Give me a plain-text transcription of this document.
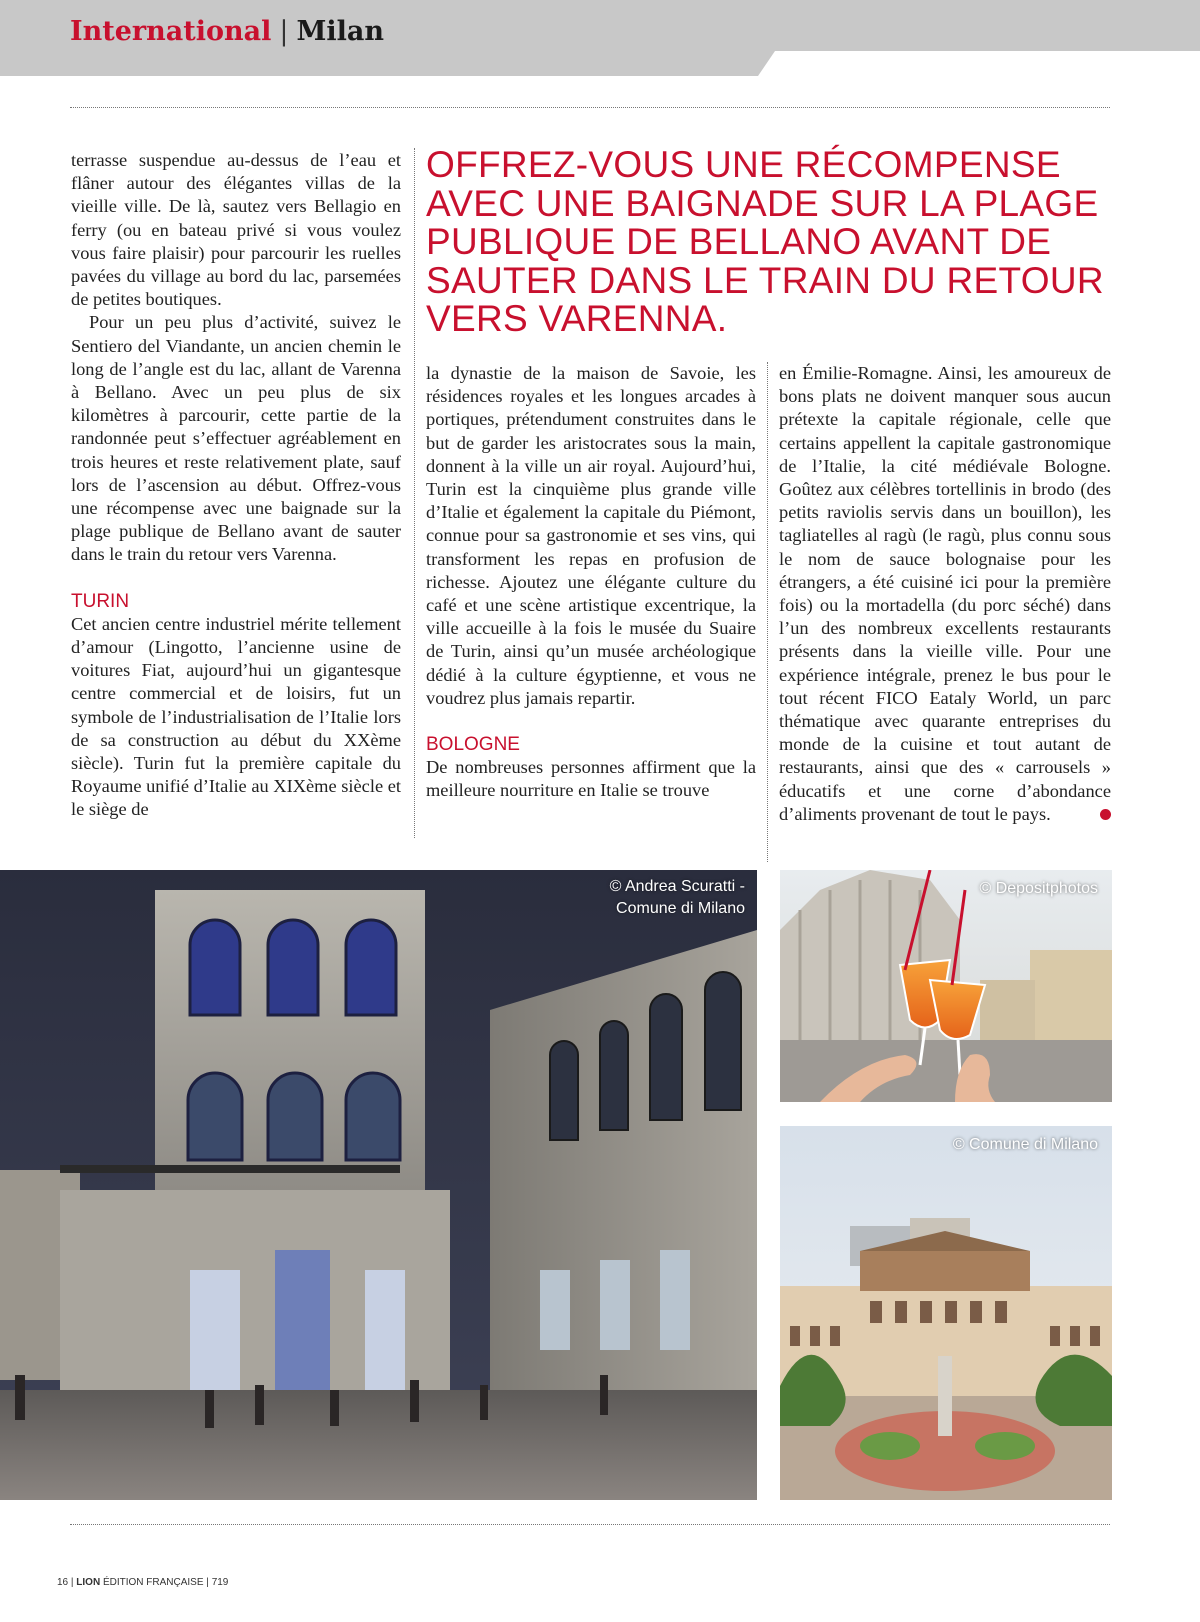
International | Milan
OFFREZ-VOUS UNE RÉCOMPENSE AVEC UNE BAIGNADE SUR LA PLAGE PUBLIQUE DE BELLANO AVANT DE SAUTER DANS LE TRAIN DU RETOUR VERS VARENNA.

terrasse suspendue au-dessus de l’eau et flâner autour des élégantes villas de la vieille ville. De là, sautez vers Bellagio en ferry (ou en bateau privé si vous voulez vous faire plaisir) pour parcourir les ruelles pavées du village au bord du lac, parsemées de petites boutiques.

Pour un peu plus d’activité, suivez le Sentiero del Viandante, un ancien chemin le long de l’angle est du lac, allant de Varenna à Bellano. Avec un peu plus de six kilomètres à parcourir, cette partie de la randonnée peut s’effectuer agréablement en trois heures et reste relativement plate, sauf lors de l’ascension au début. Offrez-vous une récompense avec une baignade sur la plage publique de Bellano avant de sauter dans le train du retour vers Varenna.

TURIN

Cet ancien centre industriel mérite tellement d’amour (Lingotto, l’ancienne usine de voitures Fiat, aujourd’hui un gigantesque centre commercial et de loisirs, fut un symbole de l’industrialisation de l’Italie lors de sa construction au début du XXème siècle). Turin fut la première capitale du Royaume unifié d’Italie au XIXème siècle et le siège de

la dynastie de la maison de Savoie, les résidences royales et les longues arcades à portiques, prétendument construites dans le but de garder les aristocrates sous la main, donnent à la ville un air royal. Aujourd’hui, Turin est la cinquième plus grande ville d’Italie et également la capitale du Piémont, connue pour sa gastronomie et ses vins, qui transforment les repas en profusion de richesse. Ajoutez une élégante culture du café et une scène artistique excentrique, la ville accueille à la fois le musée du Suaire de Turin, ainsi qu’un musée archéologique dédié à la culture égyptienne, et vous ne voudrez plus jamais repartir.

BOLOGNE

De nombreuses personnes affirment que la meilleure nourriture en Italie se trouve

en Émilie-Romagne. Ainsi, les amoureux de bons plats ne doivent manquer sous aucun prétexte la capitale régionale, celle que certains appellent la capitale gastronomique de l’Italie, la cité médiévale Bologne. Goûtez aux célèbres tortellinis in brodo (des petits raviolis servis dans un bouillon), les tagliatelles al ragù (le ragù, plus connu sous le nom de sauce bolognaise pour les étrangers, a été cuisiné ici pour la première fois) ou la mortadella (du porc séché) dans l’un des nombreux excellents restaurants présents dans la vieille ville. Pour une expérience intégrale, prenez le bus pour le tout récent FICO Eataly World, un parc thématique avec quarante entreprises du monde de la cuisine et tout autant de restaurants, ainsi que des « carrousels » éducatifs et une corne d’abondance d’aliments provenant de tout le pays.

© Andrea Scuratti -
Comune di Milano
© Depositphotos
© Comune di Milano
16 | LION ÉDITION FRANÇAISE | 719
